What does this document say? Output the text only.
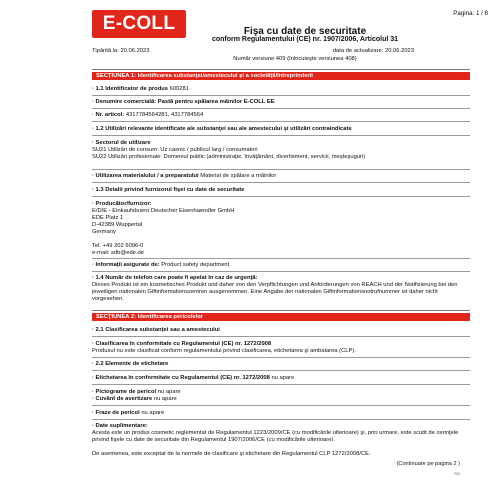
E-COLL	Pagina: 1 / 8
Fişa cu date de securitate
conform Regulamentului (CE) nr. 1907/2006, Articolul 31
Tipărită la: 20.06.2023	data de actualizare: 20.06.2023
Număr versiune 409 (înlocuieşte versiunea 408)
SECŢIUNEA 1: Identificarea substanţei/amestecului şi a societăţii/întreprinderii
· 1.1 Identificator de produs 600281
· Denumire comercială: Pastă pentru spălarea mâinilor E-COLL EE
· Nr. articol: 4317784564281, 4317784564
· 1.2 Utilizări relevante identificate ale substanţei sau ale amestecului şi utilizări contraindicate
· Sectorul de utilizare
SU21 Utilizări de consum: Uz casnic / publicul larg / consumatori
SU22 Utilizări profesionale: Domeniul public (administraţie, învăţământ, divertisment, servicii, meşteşuguri)
· Utilizarea materialului / a preparatului Material de spălare a mâinilor
· 1.3 Detalii privind furnizorul fişei cu date de securitate
· Producător/furnizor:
E/D/E - Einkaufsbuero Deutscher Eisenhaendler GmbH
EDE Platz 1
D-42389 Wuppertal
Germany
Tel. +49 202 6096-0
e-mail: sdb@ede.de
· Informaţii asigurate de: Product safety department
· 1.4 Număr de telefon care poate fi apelat în caz de urgenţă:
Dieses Produkt ist ein kosmetisches Produkt und daher von den Verpflichtungen und Anforderungen von REACH und der Notifizierung bei den jeweiligen nationalen Giftinformationszentren ausgenommen. Eine Angabe der nationalen Giftinformationsnotrufnummer ist daher nicht vorgesehen.
SECŢIUNEA 2: Identificarea pericolelor
· 2.1 Clasificarea substanţei sau a amestecului
· Clasificarea în conformitate cu Regulamentul (CE) nr. 1272/2008
Produsul nu este clasificat conform regulamentului privind clasificarea, etichetarea şi ambalarea (CLP).
· 2.2 Elemente de etichetare
· Etichetarea în conformitate cu Regulamentul (CE) nr. 1272/2008 nu apare
· Pictograme de pericol nu apare
· Cuvânt de avertizare nu apare
· Fraze de pericol nu apare
· Date suplimentare:
Acesta este un produs cosmetic reglementat de Regulamentul 1223/2009/CE (cu modificările ulterioare) şi, prin urmare, este scutit de cerinţele privind fişele cu date de securitate din Regulamentul 1907/2006/CE (cu modificările ulterioare).
De asemenea, este exceptat de la normele de clasificare şi etichetare din Regulamentul CLP 1272/2008/CE.
(Continuare pe pagina 2 )
RO
